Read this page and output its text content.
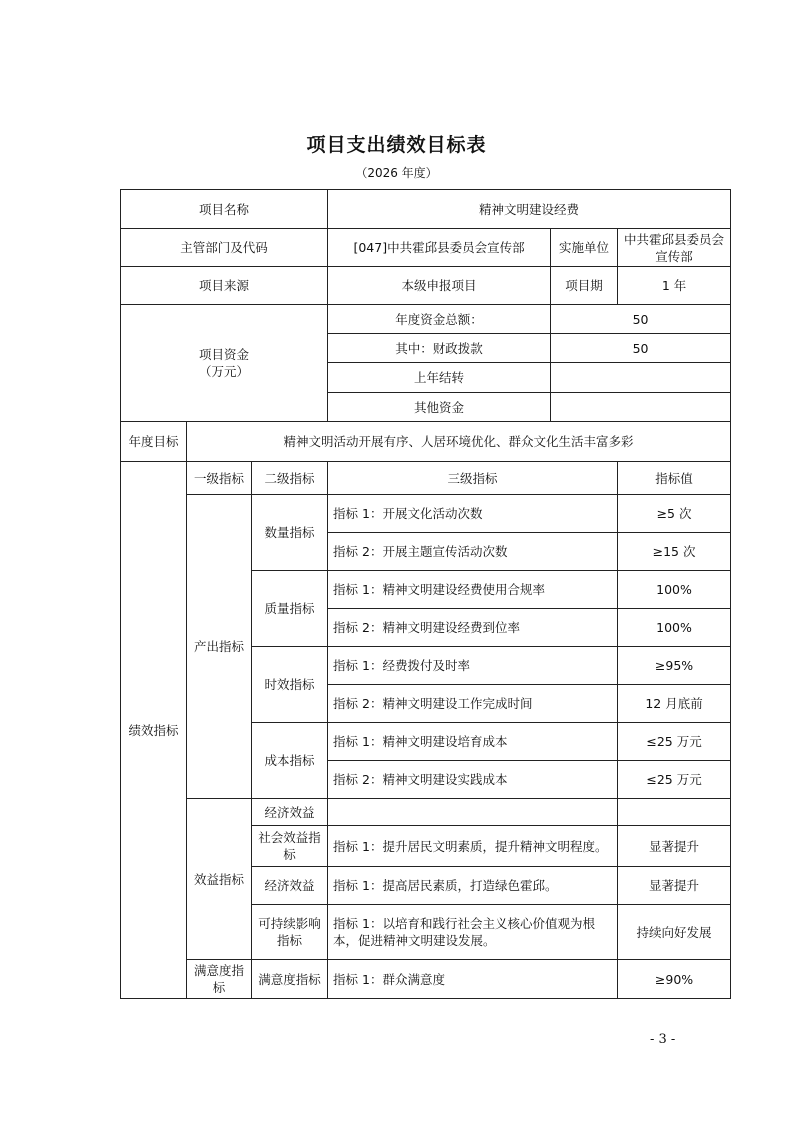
项目支出绩效目标表
（2026 年度）
项目名称			精神文明建设经费		
主管部门及代码			[047]中共霍邱县委员会宣传部	实施单位	中共霍邱县委员会宣传部
项目来源			本级申报项目	项目期	1 年
项目资金
（万元）			年度资金总额：	50	
			其中：财政拨款	50	
			上年结转		
			其他资金		
年度目标	精神文明活动开展有序、人居环境优化、群众文化生活丰富多彩				
绩效指标	一级指标	二级指标	三级指标		指标值
	产出指标	数量指标	指标 1：开展文化活动次数		≥5 次
			指标 2：开展主题宣传活动次数		≥15 次
		质量指标	指标 1：精神文明建设经费使用合规率		100%
			指标 2：精神文明建设经费到位率		100%
		时效指标	指标 1：经费拨付及时率		≥95%
			指标 2：精神文明建设工作完成时间		12 月底前
		成本指标	指标 1：精神文明建设培育成本		≤25 万元
			指标 2：精神文明建设实践成本		≤25 万元
	效益指标	经济效益			
		社会效益指标	指标 1：提升居民文明素质，提升精神文明程度。		显著提升
		经济效益	指标 1：提高居民素质，打造绿色霍邱。		显著提升
		可持续影响指标	指标 1：以培育和践行社会主义核心价值观为根本，促进精神文明建设发展。		持续向好发展
	满意度指标	满意度指标	指标 1：群众满意度		≥90%
- 3 -
